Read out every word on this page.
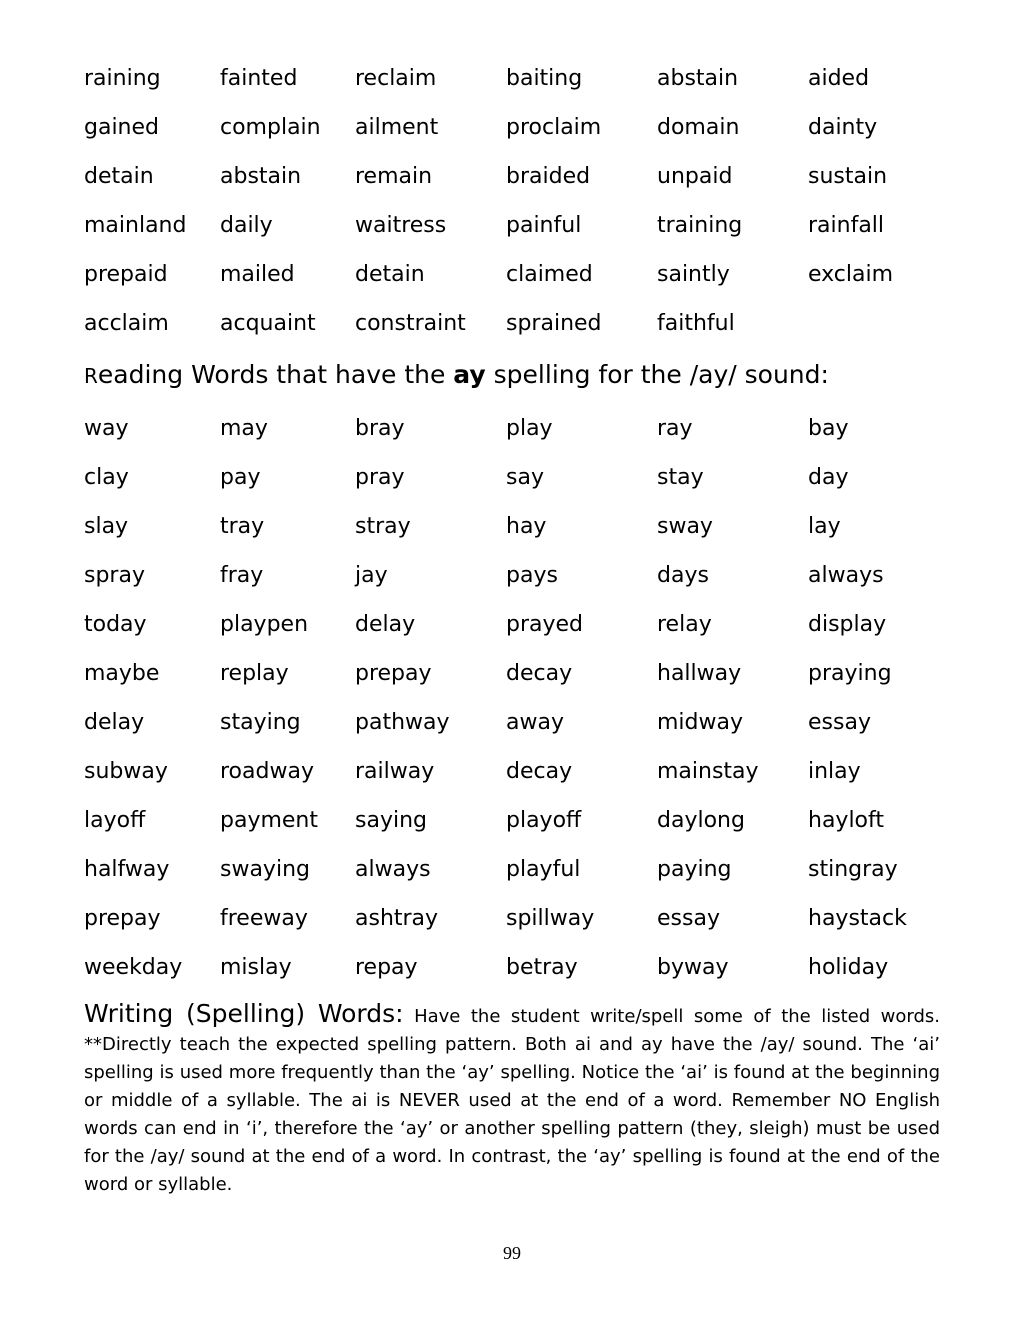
raining	fainted	reclaim	baiting	abstain	aided
gained	complain	ailment	proclaim	domain	dainty
detain	abstain	remain	braided	unpaid	sustain
mainland	daily	waitress	painful	training	rainfall
prepaid	mailed	detain	claimed	saintly	exclaim
acclaim	acquaint	constraint	sprained	faithful
Reading Words that have the ay spelling for the /ay/ sound:
way	may	bray	play	ray	bay
clay	pay	pray	say	stay	day
slay	tray	stray	hay	sway	lay
spray	fray	jay	pays	days	always
today	playpen	delay	prayed	relay	display
maybe	replay	prepay	decay	hallway	praying
delay	staying	pathway	away	midway	essay
subway	roadway	railway	decay	mainstay	inlay
layoff	payment	saying	playoff	daylong	hayloft
halfway	swaying	always	playful	paying	stingray
prepay	freeway	ashtray	spillway	essay	haystack
weekday	mislay	repay	betray	byway	holiday
Writing (Spelling) Words: Have the student write/spell some of the listed words. **Directly teach the expected spelling pattern. Both ai and ay have the /ay/ sound. The ‘ai’ spelling is used more frequently than the ‘ay’ spelling. Notice the ‘ai’ is found at the beginning or middle of a syllable. The ai is NEVER used at the end of a word. Remember NO English words can end in ‘i’, therefore the ‘ay’ or another spelling pattern (they, sleigh) must be used for the /ay/ sound at the end of a word. In contrast, the ‘ay’ spelling is found at the end of the word or syllable.
99
